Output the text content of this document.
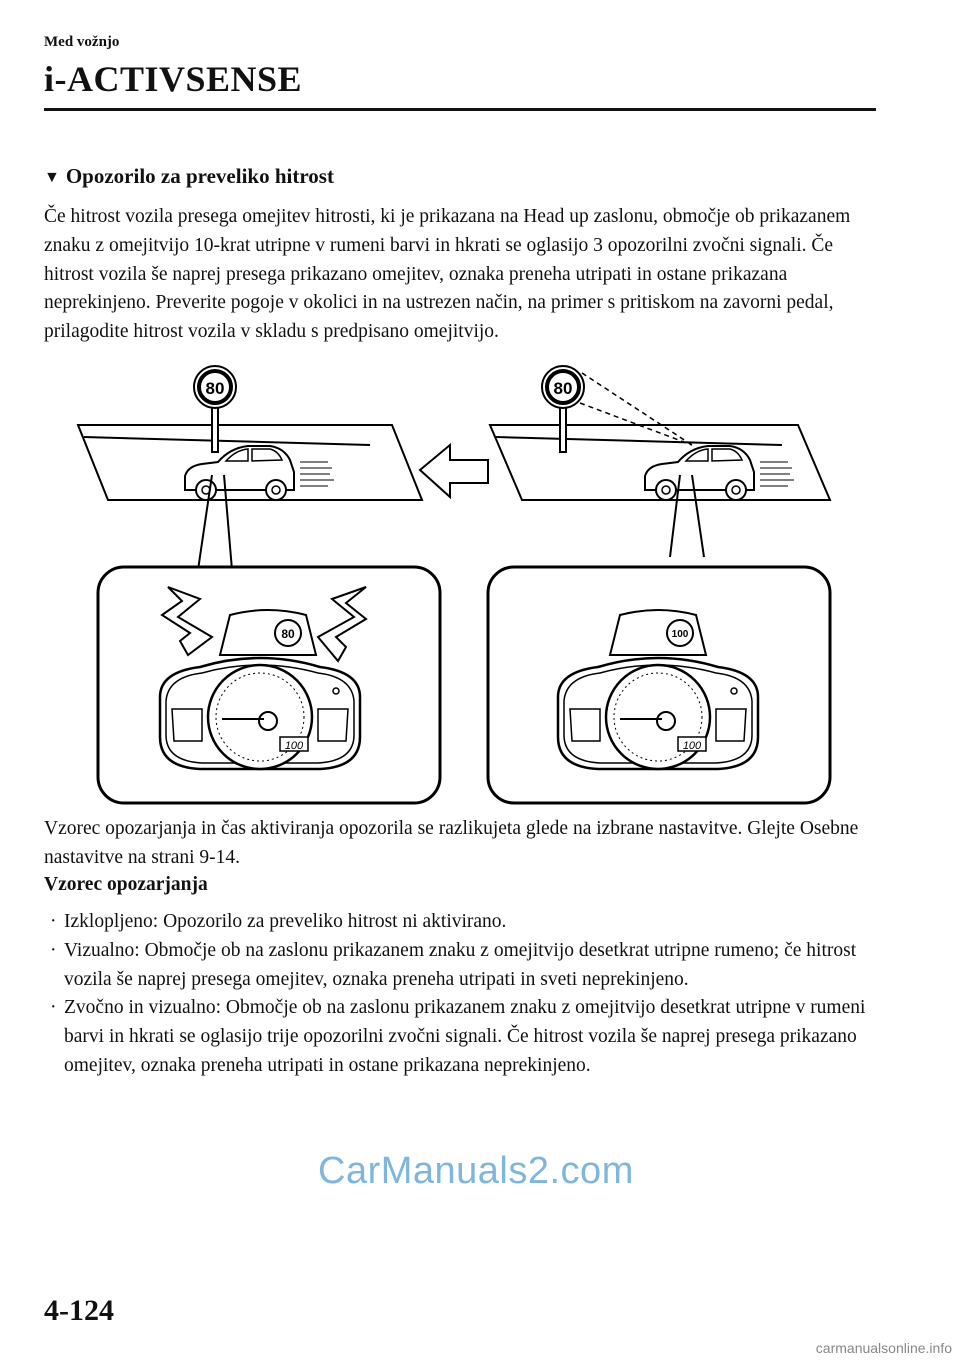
Med vožnjo
i-ACTIVSENSE
▼ Opozorilo za preveliko hitrost
Če hitrost vozila presega omejitev hitrosti, ki je prikazana na Head up zaslonu, območje ob prikazanem znaku z omejitvijo 10-krat utripne v rumeni barvi in hkrati se oglasijo 3 opozorilni zvočni signali. Če hitrost vozila še naprej presega prikazano omejitev, oznaka preneha utripati in ostane prikazana neprekinjeno. Preverite pogoje v okolici in na ustrezen način, na primer s pritiskom na zavorni pedal, prilagodite hitrost vozila v skladu s predpisano omejitvijo.
80	80
80
100
100
100
Vzorec opozarjanja in čas aktiviranja opozorila se razlikujeta glede na izbrane nastavitve. Glejte Osebne nastavitve na strani 9-14.
Vzorec opozarjanja
· Izklopljeno: Opozorilo za preveliko hitrost ni aktivirano.
· Vizualno: Območje ob na zaslonu prikazanem znaku z omejitvijo desetkrat utripne rumeno; če hitrost vozila še naprej presega omejitev, oznaka preneha utripati in sveti neprekinjeno.
· Zvočno in vizualno: Območje ob na zaslonu prikazanem znaku z omejitvijo desetkrat utripne v rumeni barvi in hkrati se oglasijo trije opozorilni zvočni signali. Če hitrost vozila še naprej presega prikazano omejitev, oznaka preneha utripati in ostane prikazana neprekinjeno.
CarManuals2.com
4-124
carmanualsonline.info
